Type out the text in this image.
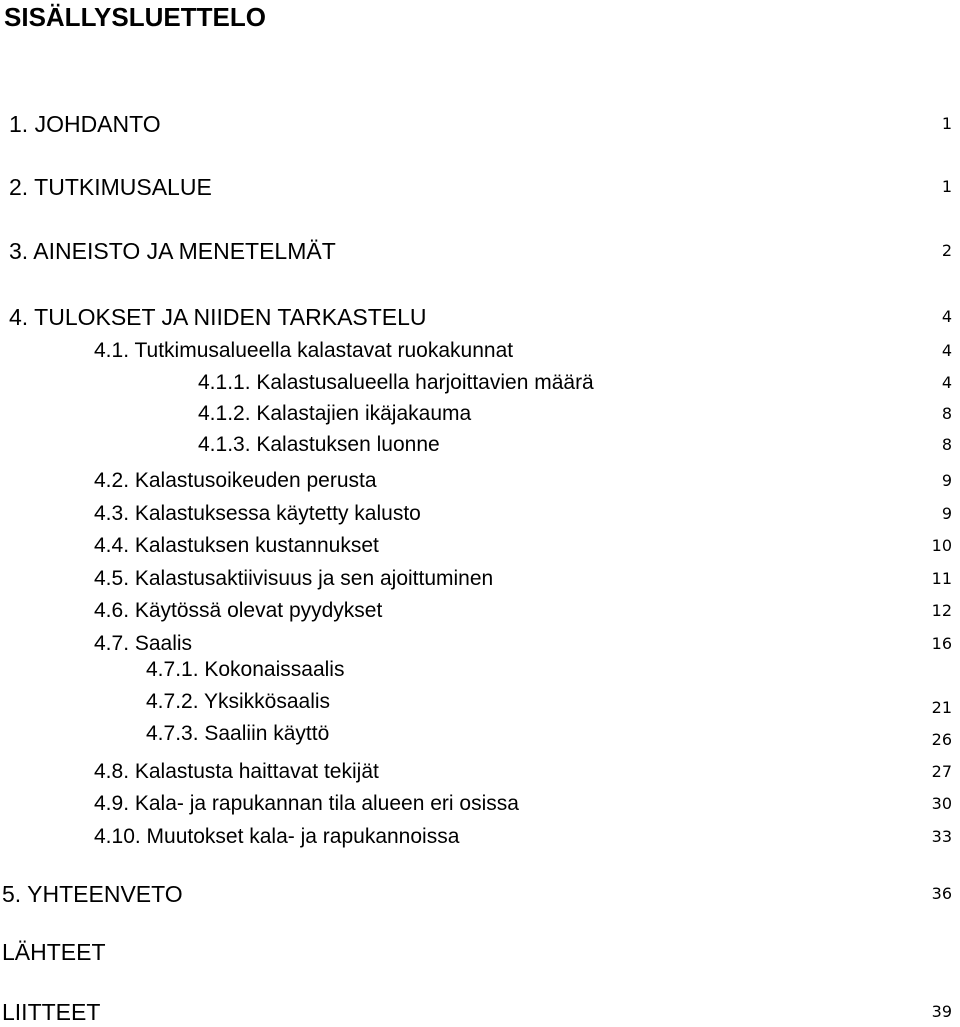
SISÄLLYSLUETTELO
1. JOHDANTO	1
2. TUTKIMUSALUE	1
3. AINEISTO JA MENETELMÄT	2
4. TULOKSET JA NIIDEN TARKASTELU	4
4.1. Tutkimusalueella kalastavat ruokakunnat	4
4.1.1. Kalastusalueella harjoittavien määrä	4
4.1.2. Kalastajien ikäjakauma	8
4.1.3. Kalastuksen luonne	8
4.2. Kalastusoikeuden perusta	9
4.3. Kalastuksessa käytetty kalusto	9
4.4. Kalastuksen kustannukset	10
4.5. Kalastusaktiivisuus ja sen ajoittuminen	11
4.6. Käytössä olevat pyydykset	12
4.7. Saalis	16
4.7.1. Kokonaissaalis
4.7.2. Yksikkösaalis	21
4.7.3. Saaliin käyttö	26
4.8. Kalastusta haittavat tekijät	27
4.9. Kala- ja rapukannan tila alueen eri osissa	30
4.10. Muutokset kala- ja rapukannoissa	33
5. YHTEENVETO	36
LÄHTEET
LIITTEET	39
